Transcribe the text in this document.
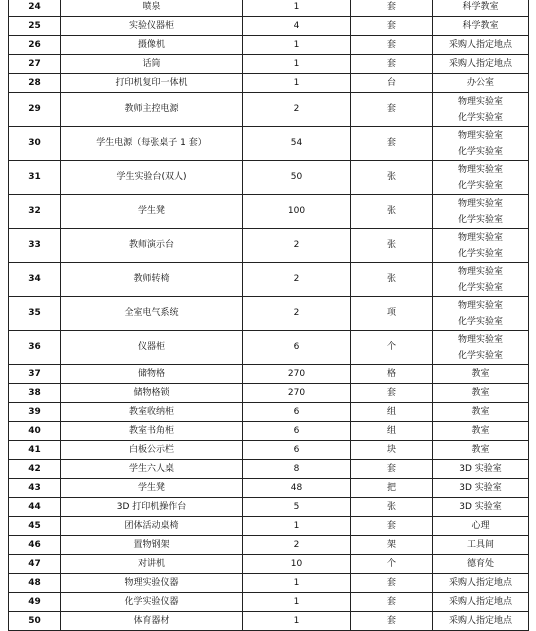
24	喷泉	1	套	科学教室

25	实验仪器柜	4	套	科学教室

26	摄像机	1	套	采购人指定地点

27	话筒	1	套	采购人指定地点

28	打印机复印一体机	1	台	办公室

29	教师主控电源	2	套	物理实验室
化学实验室

30	学生电源（每张桌子 1 套）	54	套	物理实验室
化学实验室

31	学生实验台(双人)	50	张	物理实验室
化学实验室

32	学生凳	100	张	物理实验室
化学实验室

33	教师演示台	2	张	物理实验室
化学实验室

34	教师转椅	2	张	物理实验室
化学实验室

35	全室电气系统	2	项	物理实验室
化学实验室

36	仪器柜	6	个	物理实验室
化学实验室

37	储物格	270	格	教室

38	储物格锁	270	套	教室

39	教室收纳柜	6	组	教室

40	教室书角柜	6	组	教室

41	白板公示栏	6	块	教室

42	学生六人桌	8	套	3D 实验室

43	学生凳	48	把	3D 实验室

44	3D 打印机操作台	5	张	3D 实验室

45	团体活动桌椅	1	套	心理

46	置物钢架	2	架	工具间

47	对讲机	10	个	德育处

48	物理实验仪器	1	套	采购人指定地点

49	化学实验仪器	1	套	采购人指定地点

50	体育器材	1	套	采购人指定地点
